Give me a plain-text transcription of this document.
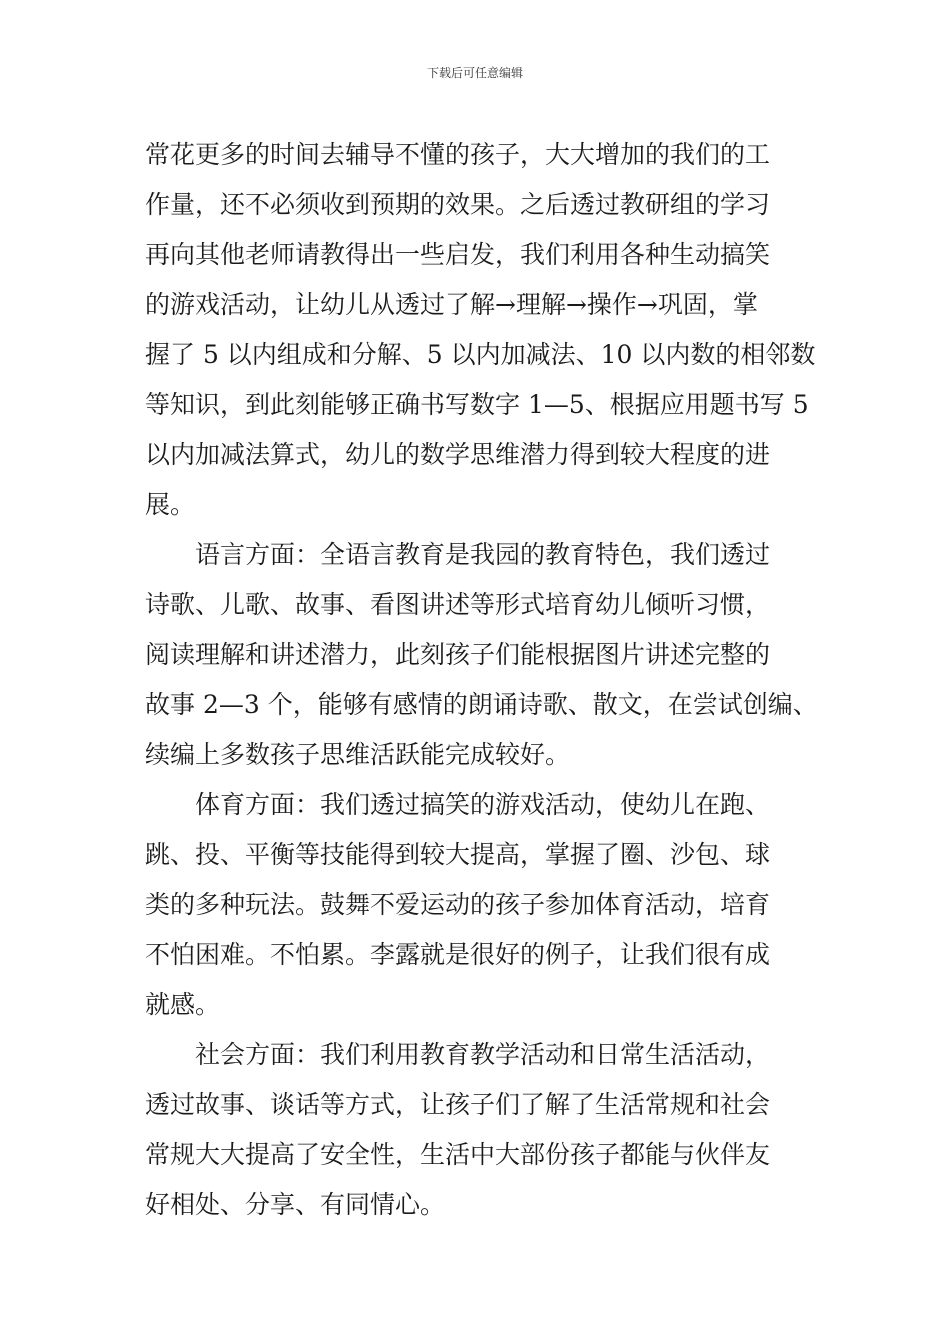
下载后可任意编辑

常花更多的时间去辅导不懂的孩子，大大增加的我们的工
作量，还不必须收到预期的效果。之后透过教研组的学习
再向其他老师请教得出一些启发，我们利用各种生动搞笑
的游戏活动，让幼儿从透过了解→理解→操作→巩固，掌
握了 5 以内组成和分解、5 以内加减法、10 以内数的相邻数
等知识，到此刻能够正确书写数字 1—5、根据应用题书写 5
以内加减法算式，幼儿的数学思维潜力得到较大程度的进
展。

语言方面：全语言教育是我园的教育特色，我们透过
诗歌、儿歌、故事、看图讲述等形式培育幼儿倾听习惯，
阅读理解和讲述潜力，此刻孩子们能根据图片讲述完整的
故事 2—3 个，能够有感情的朗诵诗歌、散文，在尝试创编、
续编上多数孩子思维活跃能完成较好。

体育方面：我们透过搞笑的游戏活动，使幼儿在跑、
跳、投、平衡等技能得到较大提高，掌握了圈、沙包、球
类的多种玩法。鼓舞不爱运动的孩子参加体育活动，培育
不怕困难。不怕累。李露就是很好的例子，让我们很有成
就感。

社会方面：我们利用教育教学活动和日常生活活动，
透过故事、谈话等方式，让孩子们了解了生活常规和社会
常规大大提高了安全性，生活中大部份孩子都能与伙伴友
好相处、分享、有同情心。
